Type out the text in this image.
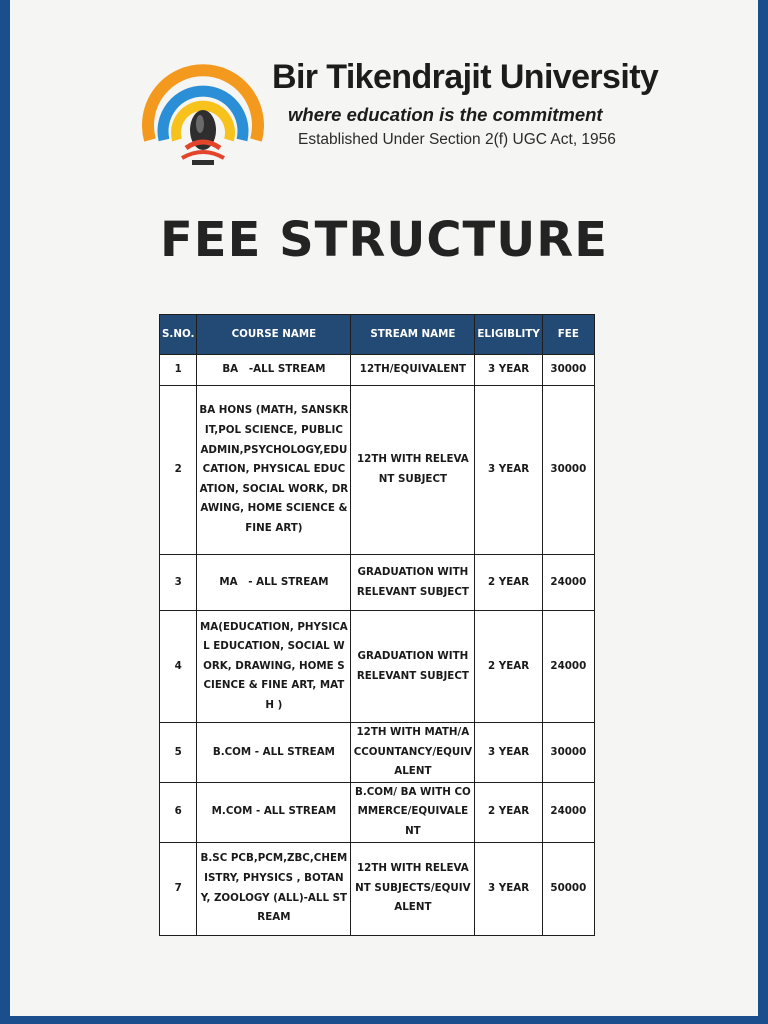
Bir Tikendrajit University
where education is the commitment
Established Under Section 2(f) UGC Act, 1956
FEE STRUCTURE
S.NO.	COURSE NAME	STREAM NAME	ELIGIBLITY	FEE
1	BA   -ALL STREAM	12TH/EQUIVALENT	3 YEAR	30000
2	BA HONS (MATH, SANSKRIT,POL SCIENCE, PUBLIC ADMIN,PSYCHOLOGY,EDUCATION, PHYSICAL EDUCATION, SOCIAL WORK, DRAWING, HOME SCIENCE & FINE ART)	12TH WITH RELEVANT SUBJECT	3 YEAR	30000
3	MA   - ALL STREAM	GRADUATION WITH RELEVANT SUBJECT	2 YEAR	24000
4	MA(EDUCATION, PHYSICAL EDUCATION, SOCIAL WORK, DRAWING, HOME SCIENCE & FINE ART, MATH )	GRADUATION WITH RELEVANT SUBJECT	2 YEAR	24000
5	B.COM - ALL STREAM	12TH WITH MATH/ACCOUNTANCY/EQUIVALENT	3 YEAR	30000
6	M.COM - ALL STREAM	B.COM/ BA WITH COMMERCE/EQUIVALENT	2 YEAR	24000
7	B.SC PCB,PCM,ZBC,CHEMISTRY, PHYSICS , BOTANY, ZOOLOGY (ALL)-ALL STREAM	12TH WITH RELEVANT SUBJECTS/EQUIVALENT	3 YEAR	50000
